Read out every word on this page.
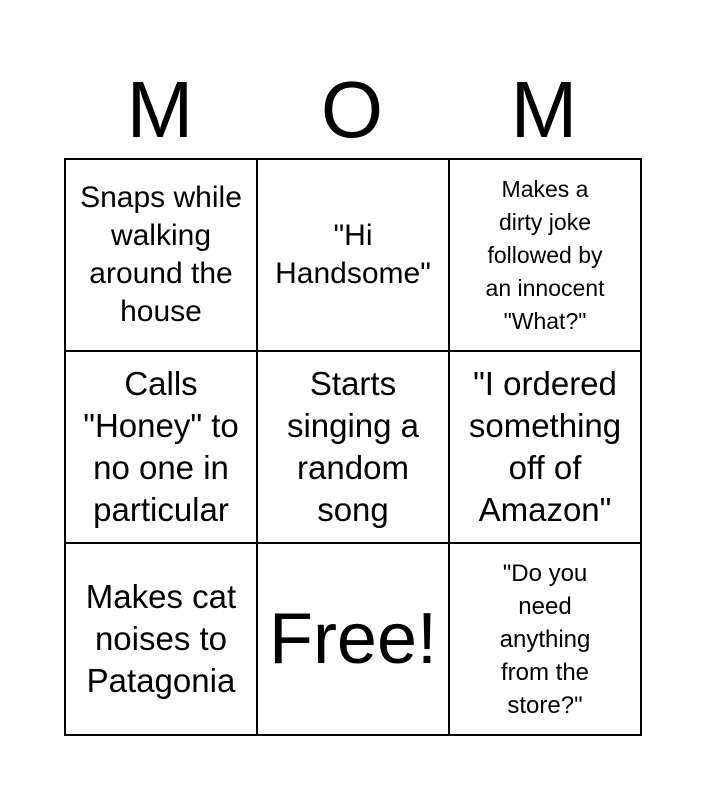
M	O	M
Snaps while
walking
around the
house
"Hi
Handsome"
Makes a
dirty joke
followed by
an innocent
"What?"
Calls
"Honey" to
no one in
particular
Starts
singing a
random
song
"I ordered
something
off of
Amazon"
Makes cat
noises to
Patagonia
Free!
"Do you
need
anything
from the
store?"
